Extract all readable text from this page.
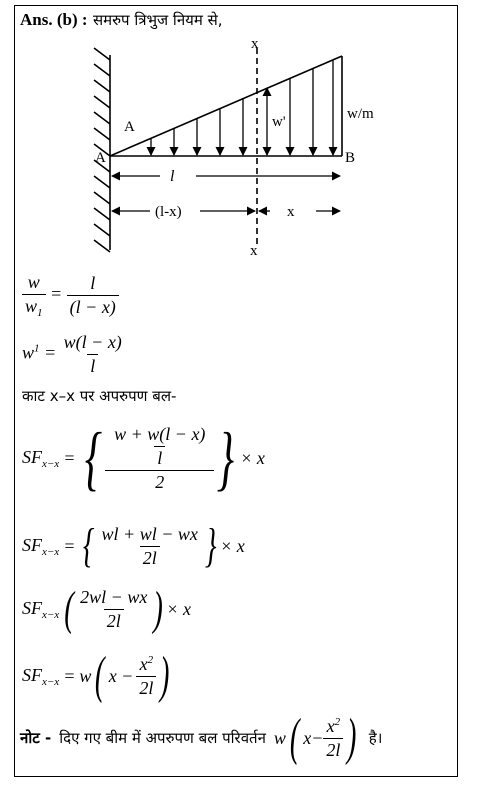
Ans. (b) : समरुप त्रिभुज नियम से,
A
A	B
x
x
w'	w/m
l
(l-x)	x
$\frac{w}{w_1} = \frac{l}{(l - x)}$
$w^1 = \frac{w(l - x)}{l}$
काट x–x पर अपरुपण बल-
$SF_{x-x}$ = { $\frac{\frac{w + w(l - x)}{l}}{2}$ } × x
$SF_{x-x}$ = { $\frac{wl + wl - wx}{2l}$ } × x
$SF_{x-x}$ ( $\frac{2wl - wx}{2l}$ ) × x
$SF_{x-x} = w$ ( $x - \frac{x^2}{2l}$ )
नोट - दिए गए बीम में अपरुपण बल परिवर्तन w ( $x- \frac{x^2}{2l}$ ) है।
